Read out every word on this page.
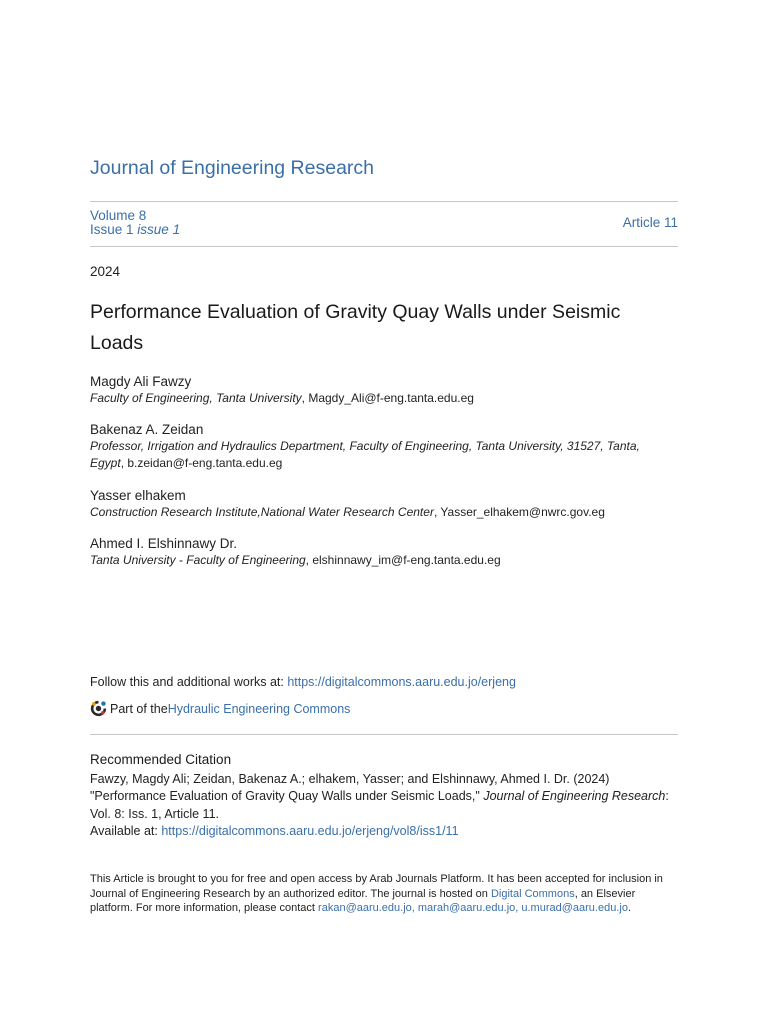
Journal of Engineering Research
Volume 8
Issue 1 issue 1	Article 11
2024
Performance Evaluation of Gravity Quay Walls under Seismic
Loads
Magdy Ali Fawzy
Faculty of Engineering, Tanta University, Magdy_Ali@f-eng.tanta.edu.eg
Bakenaz A. Zeidan
Professor, Irrigation and Hydraulics Department, Faculty of Engineering, Tanta University, 31527, Tanta,
Egypt, b.zeidan@f-eng.tanta.edu.eg
Yasser elhakem
Construction Research Institute,National Water Research Center, Yasser_elhakem@nwrc.gov.eg
Ahmed I. Elshinnawy Dr.
Tanta University - Faculty of Engineering, elshinnawy_im@f-eng.tanta.edu.eg
Follow this and additional works at: https://digitalcommons.aaru.edu.jo/erjeng
Part of the Hydraulic Engineering Commons
Recommended Citation
Fawzy, Magdy Ali; Zeidan, Bakenaz A.; elhakem, Yasser; and Elshinnawy, Ahmed I. Dr. (2024)
"Performance Evaluation of Gravity Quay Walls under Seismic Loads," Journal of Engineering Research:
Vol. 8: Iss. 1, Article 11.
Available at: https://digitalcommons.aaru.edu.jo/erjeng/vol8/iss1/11
This Article is brought to you for free and open access by Arab Journals Platform. It has been accepted for inclusion in Journal of Engineering Research by an authorized editor. The journal is hosted on Digital Commons, an Elsevier platform. For more information, please contact rakan@aaru.edu.jo, marah@aaru.edu.jo, u.murad@aaru.edu.jo.
